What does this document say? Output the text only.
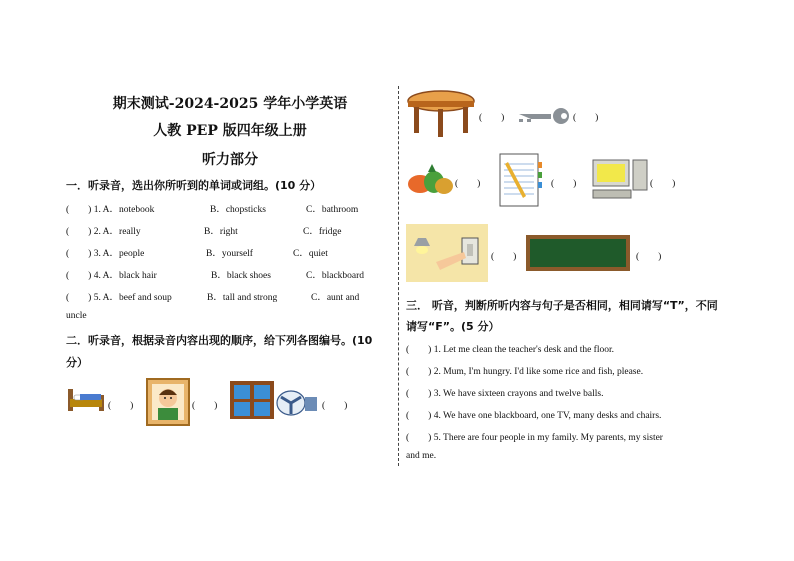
期末测试-2024-2025 学年小学英语
人教 PEP 版四年级上册
听力部分
一．听录音，选出你所听到的单词或词组。(10 分）
(　　) 1. A．notebook	B．chopsticks	C．bathroom
(　　) 2. A．really	B．right	C．fridge
(　　) 3. A．people	B．yourself	C．quiet
(　　) 4. A．black hair	B．black shoes	C．blackboard
(　　) 5. A．beef and soup	B．tall and strong	C．aunt and
uncle
二．听录音，根据录音内容出现的顺序，给下列各图编号。(10
分）
(　　)	(　　)	(　　)
(　　)	(　　)
(　　)	(　　)	(　　)
(　　)	(　　)
三． 听音，判断所听内容与句子是否相同，相同请写“T”，不同
请写“F”。(5 分）
(　　) 1. Let me clean the teacher's desk and the floor.
(　　) 2. Mum, I'm hungry. I'd like some rice and fish, please.
(　　) 3. We have sixteen crayons and twelve balls.
(　　) 4. We have one blackboard, one TV, many desks and chairs.
(　　) 5. There are four people in my family. My parents, my sister
and me.
